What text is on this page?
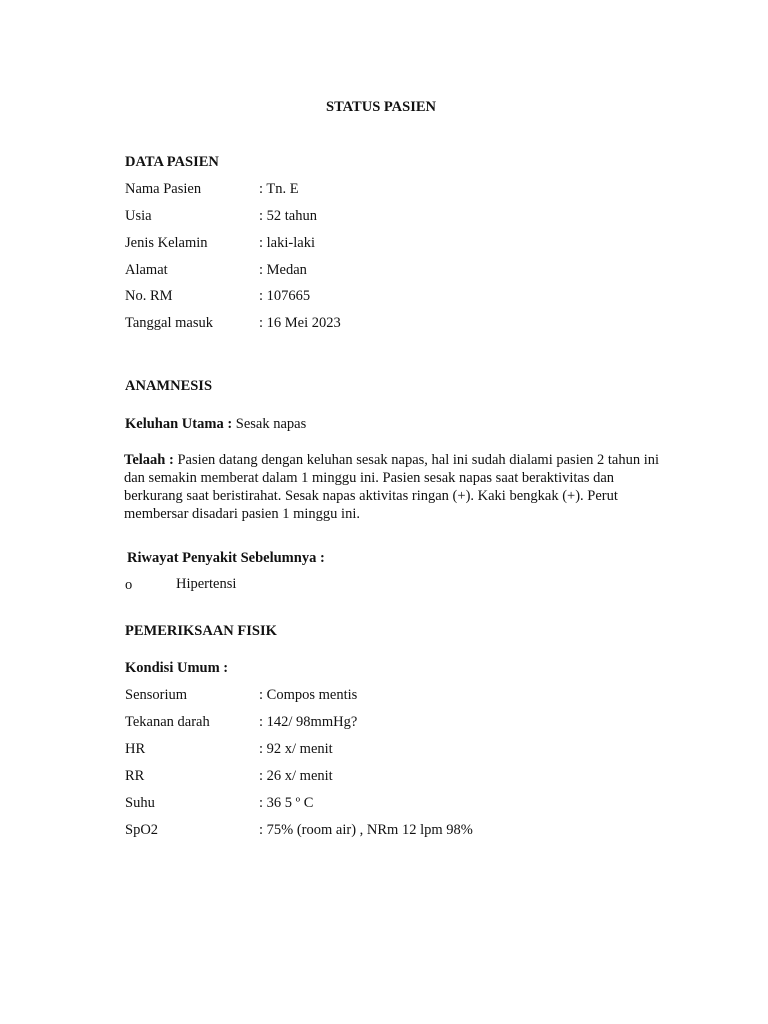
STATUS PASIEN
DATA PASIEN
Nama Pasien	: Tn. E
Usia	: 52 tahun
Jenis Kelamin	: laki-laki
Alamat	: Medan
No. RM	: 107665
Tanggal masuk	: 16 Mei 2023
ANAMNESIS
Keluhan Utama : Sesak napas
Telaah : Pasien datang dengan keluhan sesak napas, hal ini sudah dialami pasien 2 tahun ini dan semakin memberat dalam 1 minggu ini. Pasien sesak napas saat beraktivitas dan berkurang saat beristirahat. Sesak napas aktivitas ringan (+). Kaki bengkak (+). Perut membersar disadari pasien 1 minggu ini.
Riwayat Penyakit Sebelumnya :
o	Hipertensi
PEMERIKSAAN FISIK
Kondisi Umum :
Sensorium	: Compos mentis
Tekanan darah	: 142/ 98mmHg?
HR	: 92 x/ menit
RR	: 26 x/ menit
Suhu	: 36 5 º C
SpO2	: 75% (room air) , NRm 12 lpm 98%
